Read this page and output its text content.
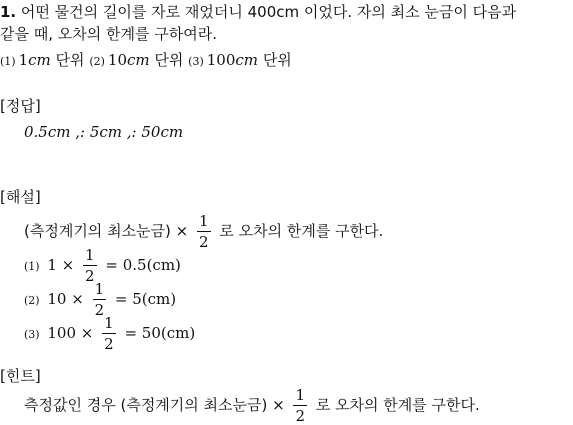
1. 어떤 물건의 길이를 자로 재었더니 400cm 이었다. 자의 최소 눈금이 다음과
같을 때, 오차의 한계를 구하여라.
(1) 1cm 단위 (2) 10cm 단위 (3) 100cm 단위
[정답]
0.5cm ,: 5cm ,: 50cm
[해설]
(측정계기의 최소눈금) × $\frac{1}{2}$ 로 오차의 한계를 구한다.
(1) $1 \times \frac{1}{2} = 0.5(cm)$
(2) $10 \times \frac{1}{2} = 5(cm)$
(3) $100 \times \frac{1}{2} = 50(cm)$
[힌트]
측정값인 경우 (측정계기의 최소눈금) × $\frac{1}{2}$ 로 오차의 한계를 구한다.
